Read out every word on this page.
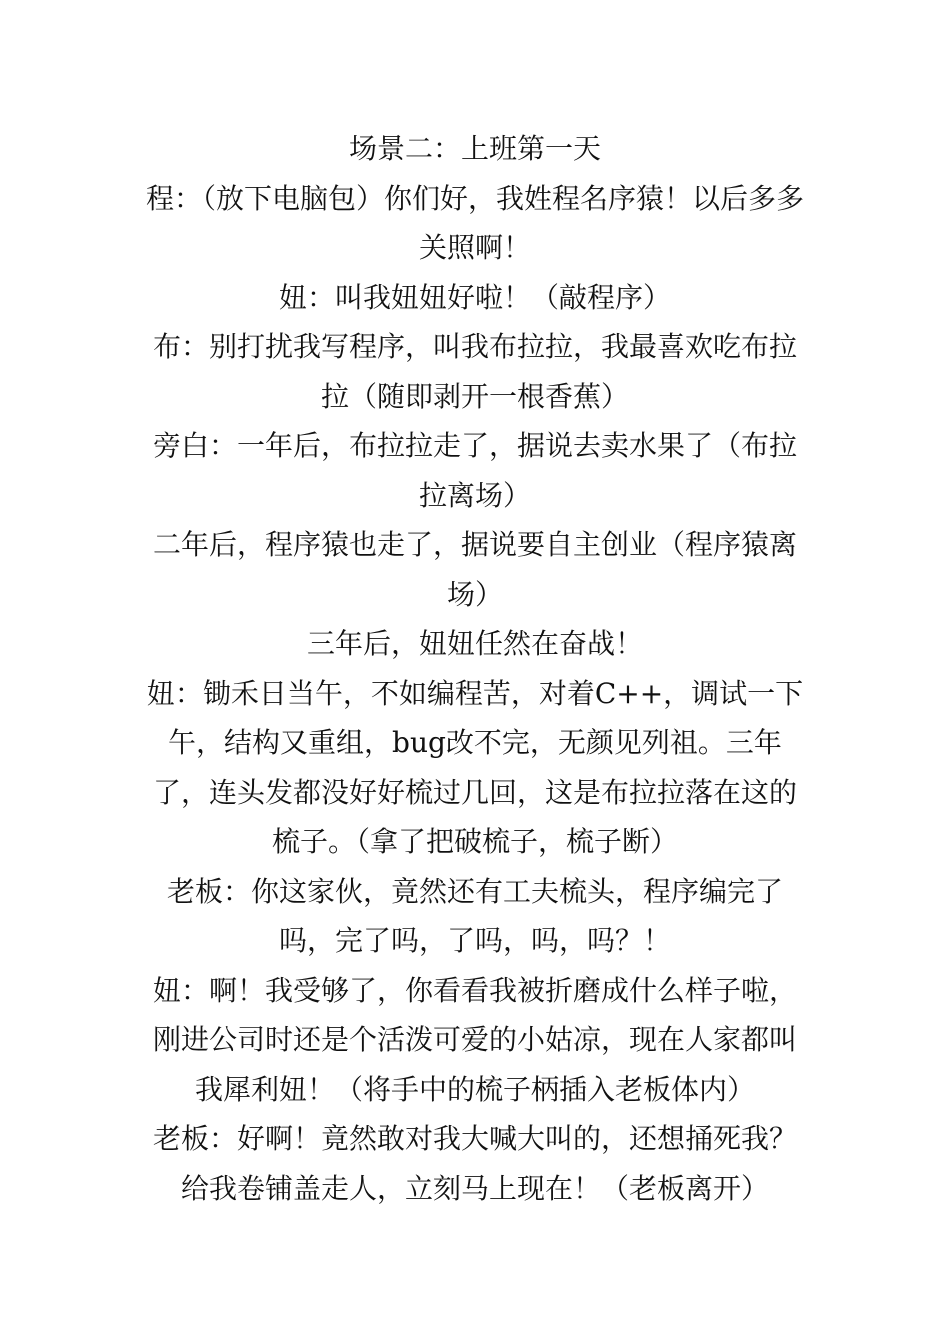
场景二：上班第一天

程：（放下电脑包）你们好，我姓程名序猿！以后多多关照啊！

妞：叫我妞妞好啦！（敲程序）

布：别打扰我写程序，叫我布拉拉，我最喜欢吃布拉拉（随即剥开一根香蕉）

旁白：一年后，布拉拉走了，据说去卖水果了（布拉拉离场）

二年后，程序猿也走了，据说要自主创业（程序猿离场）

三年后，妞妞任然在奋战！

妞：锄禾日当午，不如编程苦，对着C++，调试一下午，结构又重组，bug改不完，无颜见列祖。三年了，连头发都没好好梳过几回，这是布拉拉落在这的梳子。（拿了把破梳子，梳子断）

老板：你这家伙，竟然还有工夫梳头，程序编完了吗，完了吗，了吗，吗，吗？！

妞：啊！我受够了，你看看我被折磨成什么样子啦，刚进公司时还是个活泼可爱的小姑凉，现在人家都叫我犀利妞！（将手中的梳子柄插入老板体内）

老板：好啊！竟然敢对我大喊大叫的，还想捅死我？给我卷铺盖走人，立刻马上现在！（老板离开）
